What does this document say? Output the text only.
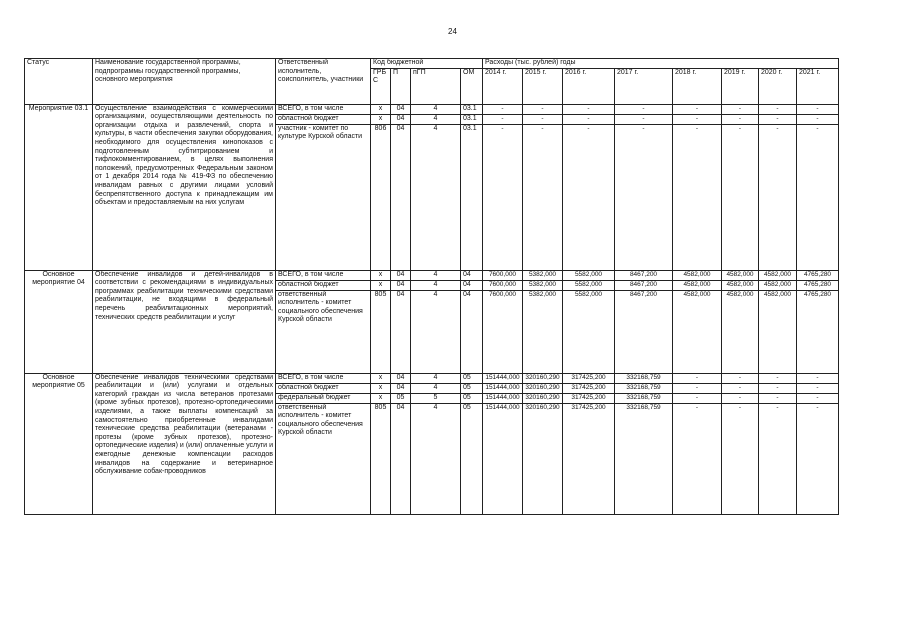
24
Статус	Наименование государственной программы, подпрограммы государственной программы, основного мероприятия	Ответственный исполнитель, соисполнитель, участники	Код бюджетной				Расходы (тыс. рублей) годы							
			ГРБ С	П	пГП	ОМ	2014 г.	2015 г.	2016 г.	2017 г.	2018 г.	2019 г.	2020 г.	2021 г.
Мероприятие 03.1	Осуществление взаимодействия с коммерческими организациями, осуществляющими деятельность по организации отдыха и развлечений, спорта и культуры, в части обеспечения закупки оборудования, необходимого для осуществления кинопоказов с подготовленным субтитрированием и тифлокомментированием, в целях выполнения положений, предусмотренных Федеральным законом от 1 декабря 2014 года № 419-ФЗ по обеспечению инвалидам равных с другими лицами условий беспрепятственного доступа к принадлежащим им объектам и предоставляемым на них услугам	ВСЕГО, в том числе	x	04	4	03.1	-	-	-	-	-	-	-	-
		областной бюджет	x	04	4	03.1	-	-	-	-	-	-	-	-
		участник - комитет по культуре Курской области	806	04	4	03.1	-	-	-	-	-	-	-	-
Основное мероприятие 04	Обеспечение инвалидов и детей-инвалидов в соответствии с рекомендациями в индивидуальных программах реабилитации техническими средствами реабилитации, не входящими в федеральный перечень реабилитационных мероприятий, технических средств реабилитации и услуг	ВСЕГО, в том числе	x	04	4	04	7600,000	5382,000	5582,000	8467,200	4582,000	4582,000	4582,000	4765,280
		областной бюджет	x	04	4	04	7600,000	5382,000	5582,000	8467,200	4582,000	4582,000	4582,000	4765,280
		ответственный исполнитель - комитет социального обеспечения Курской области	805	04	4	04	7600,000	5382,000	5582,000	8467,200	4582,000	4582,000	4582,000	4765,280
Основное мероприятие 05	Обеспечение инвалидов техническими средствами реабилитации и (или) услугами и отдельных категорий граждан из числа ветеранов протезами (кроме зубных протезов), протезно-ортопедическими изделиями, а также выплаты компенсаций за самостоятельно приобретенные инвалидами технические средства реабилитации (ветеранами - протезы (кроме зубных протезов), протезно-ортопедические изделия) и (или) оплаченные услуги и ежегодные денежные компенсации расходов инвалидов на содержание и ветеринарное обслуживание собак-проводников	ВСЕГО, в том числе	x	04	4	05	151444,000	320160,290	317425,200	332168,759	-	-	-	-
		областной бюджет	x	04	4	05	151444,000	320160,290	317425,200	332168,759	-	-	-	-
		федеральный бюджет	x	05	5	05	151444,000	320160,290	317425,200	332168,759	-	-	-	-
		ответственный исполнитель - комитет социального обеспечения Курской области	805	04	4	05	151444,000	320160,290	317425,200	332168,759	-	-	-	-
